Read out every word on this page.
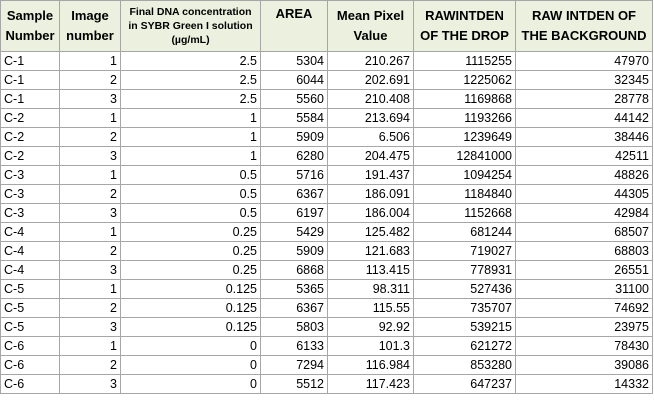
Sample Number	Image number	Final DNA concentration in SYBR Green I solution (µg/mL)	AREA	Mean Pixel Value	RAWINTDEN OF THE DROP	RAW INTDEN OF THE BACKGROUND
C-1	1	2.5	5304	210.267	1115255	47970
C-1	2	2.5	6044	202.691	1225062	32345
C-1	3	2.5	5560	210.408	1169868	28778
C-2	1	1	5584	213.694	1193266	44142
C-2	2	1	5909	6.506	1239649	38446
C-2	3	1	6280	204.475	12841000	42511
C-3	1	0.5	5716	191.437	1094254	48826
C-3	2	0.5	6367	186.091	1184840	44305
C-3	3	0.5	6197	186.004	1152668	42984
C-4	1	0.25	5429	125.482	681244	68507
C-4	2	0.25	5909	121.683	719027	68803
C-4	3	0.25	6868	113.415	778931	26551
C-5	1	0.125	5365	98.311	527436	31100
C-5	2	0.125	6367	115.55	735707	74692
C-5	3	0.125	5803	92.92	539215	23975
C-6	1	0	6133	101.3	621272	78430
C-6	2	0	7294	116.984	853280	39086
C-6	3	0	5512	117.423	647237	14332
